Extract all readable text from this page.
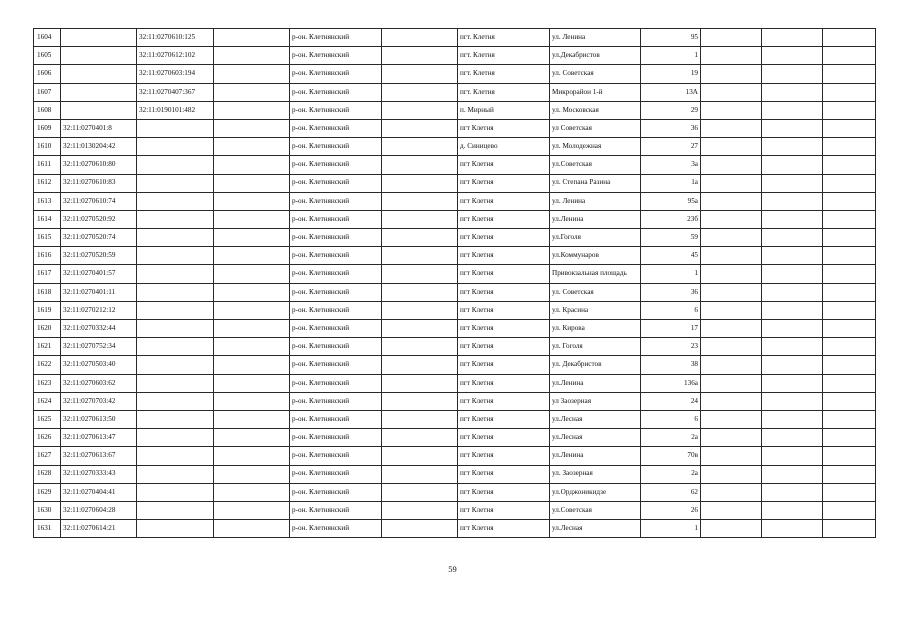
1604		32:11:0270610:125		р-он. Клетнянский		пгт. Клетня	ул. Ленина	95			
1605		32:11:0270612:102		р-он. Клетнянский		пгт. Клетня	ул.Декабристов	1			
1606		32:11:0270603:194		р-он. Клетнянский		пгт. Клетня	ул. Советская	19			
1607		32:11:0270407:367		р-он. Клетнянский		пгт. Клетня	Микрорайон 1-й	13А			
1608		32:11:0190101:482		р-он. Клетнянский		п. Мирный	ул. Московская	29			
1609	32:11:0270401:8			р-он. Клетнянский		пгт Клетня	ул Советская	36			
1610	32:11:0130204:42			р-он. Клетнянский		д. Синицево	ул. Молодежная	27			
1611	32:11:0270610:80			р-он. Клетнянский		пгт Клетня	ул.Советская	3а			
1612	32:11:0270610:83			р-он. Клетнянский		пгт Клетня	ул. Степана Разина	1а			
1613	32:11:0270610:74			р-он. Клетнянский		пгт Клетня	ул. Ленина	95а			
1614	32:11:0270520:92			р-он. Клетнянский		пгт Клетня	ул.Ленина	23б			
1615	32:11:0270520:74			р-он. Клетнянский		пгт Клетня	ул.Гоголя	59			
1616	32:11:0270520:59			р-он. Клетнянский		пгт Клетня	ул.Коммунаров	45			
1617	32:11:0270401:57			р-он. Клетнянский		пгт Клетня	Привокзальная площадь	1			
1618	32:11:0270401:11			р-он. Клетнянский		пгт Клетня	ул. Советская	36			
1619	32:11:0270212:12			р-он. Клетнянский		пгт Клетня	ул. Красина	6			
1620	32:11:0270332:44			р-он. Клетнянский		пгт Клетня	ул. Кирова	17			
1621	32:11:0270752:34			р-он. Клетнянский		пгт Клетня	ул. Гоголя	23			
1622	32:11:0270503:40			р-он. Клетнянский		пгт Клетня	ул. Декабристов	38			
1623	32:11:0270603:62			р-он. Клетнянский		пгт Клетня	ул.Ленина	136а			
1624	32:11:0270703:42			р-он. Клетнянский		пгт Клетня	ул Заозерная	24			
1625	32:11:0270613:50			р-он. Клетнянский		пгт Клетня	ул.Лесная	6			
1626	32:11:0270613:47			р-он. Клетнянский		пгт Клетня	ул.Лесная	2а			
1627	32:11:0270613:67			р-он. Клетнянский		пгт Клетня	ул.Ленина	70в			
1628	32:11:0270333:43			р-он. Клетнянский		пгт Клетня	ул. Заозерная	2а			
1629	32:11:0270404:41			р-он. Клетнянский		пгт Клетня	ул.Орджоникидзе	62			
1630	32:11:0270604:28			р-он. Клетнянский		пгт Клетня	ул.Советская	26			
1631	32:11:0270614:21			р-он. Клетнянский		пгт Клетня	ул.Лесная	1			
59
